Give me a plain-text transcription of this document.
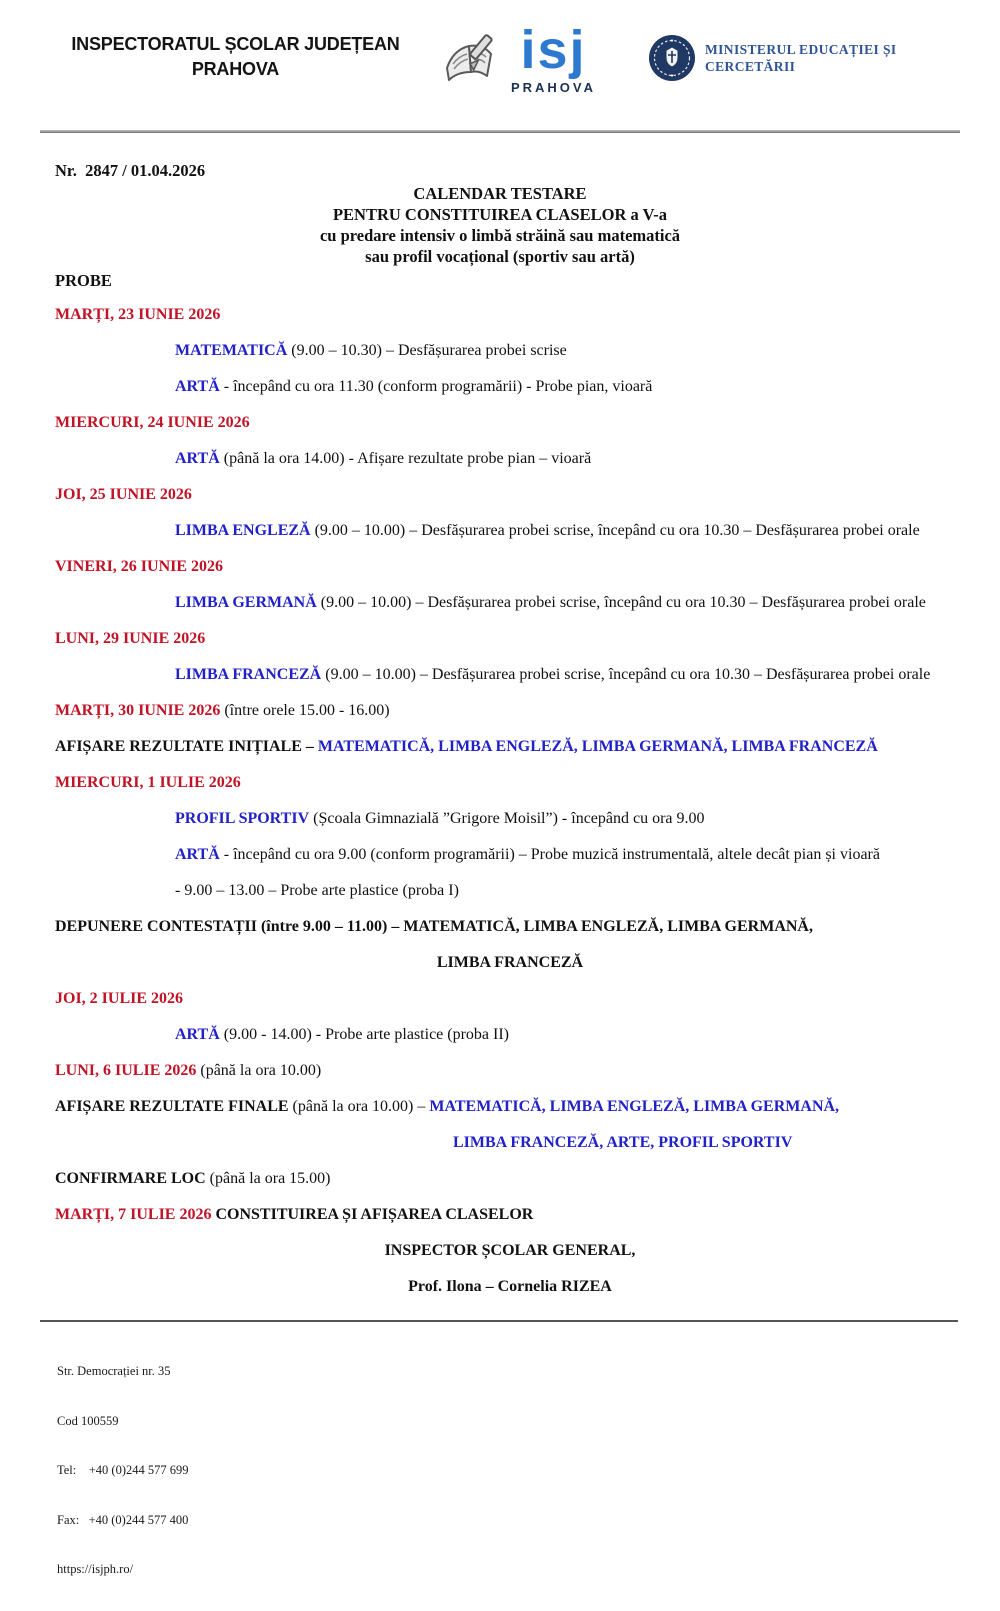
INSPECTORATUL ȘCOLAR JUDEȚEAN
PRAHOVA	isj
PRAHOVA
MINISTERUL EDUCAȚIEI ȘI CERCETĂRII
Nr.  2847 / 01.04.2026
CALENDAR TESTARE
PENTRU CONSTITUIREA CLASELOR a V-a
cu predare intensiv o limbă străină sau matematică
sau profil vocațional (sportiv sau artă)
PROBE
MARȚI, 23 IUNIE 2026
MATEMATICĂ (9.00 – 10.30) – Desfășurarea probei scrise
ARTĂ - începând cu ora 11.30 (conform programării) - Probe pian, vioară
MIERCURI, 24 IUNIE 2026
ARTĂ (până la ora 14.00) - Afișare rezultate probe pian – vioară
JOI, 25 IUNIE 2026
LIMBA ENGLEZĂ (9.00 – 10.00) – Desfășurarea probei scrise, începând cu ora 10.30 – Desfășurarea probei orale
VINERI, 26 IUNIE 2026
LIMBA GERMANĂ (9.00 – 10.00) – Desfășurarea probei scrise, începând cu ora 10.30 – Desfășurarea probei orale
LUNI, 29 IUNIE 2026
LIMBA FRANCEZĂ (9.00 – 10.00) – Desfășurarea probei scrise, începând cu ora 10.30 – Desfășurarea probei orale
MARȚI, 30 IUNIE 2026 (între orele 15.00 - 16.00)
AFIȘARE REZULTATE INIȚIALE – MATEMATICĂ, LIMBA ENGLEZĂ, LIMBA GERMANĂ, LIMBA FRANCEZĂ
MIERCURI, 1 IULIE 2026
PROFIL SPORTIV (Școala Gimnazială ”Grigore Moisil”) - începând cu ora 9.00
ARTĂ - începând cu ora 9.00 (conform programării) – Probe muzică instrumentală, altele decât pian și vioară
- 9.00 – 13.00 – Probe arte plastice (proba I)
DEPUNERE CONTESTAȚII (între 9.00 – 11.00) – MATEMATICĂ, LIMBA ENGLEZĂ, LIMBA GERMANĂ,
LIMBA FRANCEZĂ
JOI, 2 IULIE 2026
ARTĂ (9.00 - 14.00) - Probe arte plastice (proba II)
LUNI, 6 IULIE 2026 (până la ora 10.00)
AFIȘARE REZULTATE FINALE (până la ora 10.00) – MATEMATICĂ, LIMBA ENGLEZĂ, LIMBA GERMANĂ,
LIMBA FRANCEZĂ, ARTE, PROFIL SPORTIV
CONFIRMARE LOC (până la ora 15.00)
MARȚI, 7 IULIE 2026 CONSTITUIREA ȘI AFIȘAREA CLASELOR
INSPECTOR ȘCOLAR GENERAL,
Prof. Ilona – Cornelia RIZEA

Str. Democrației nr. 35

Cod 100559

Tel:    +40 (0)244 577 699

Fax:   +40 (0)244 577 400

https://isjph.ro/
